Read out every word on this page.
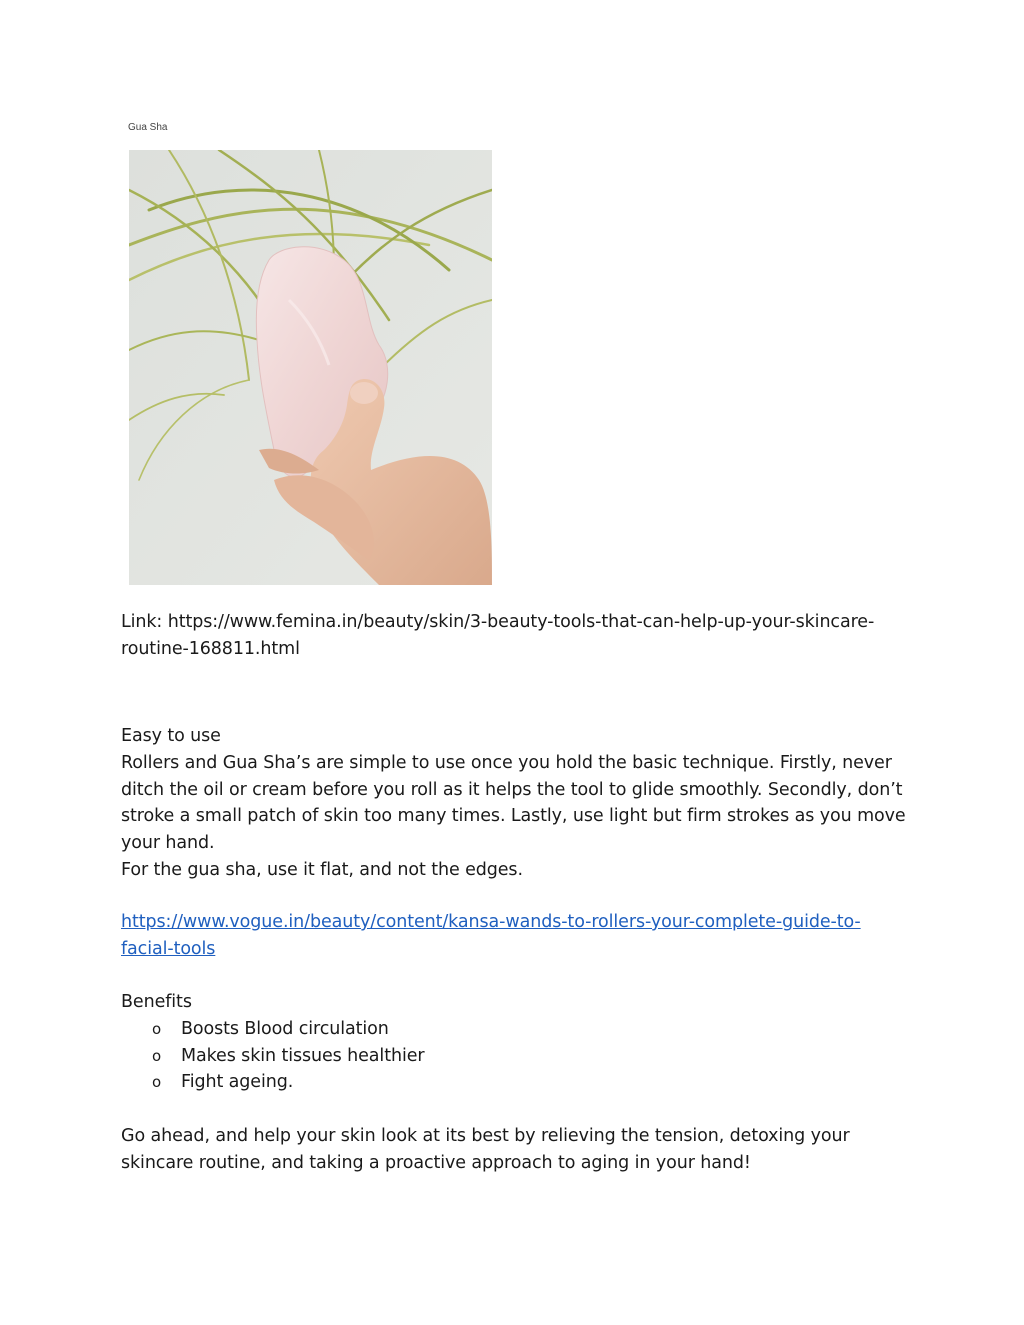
Gua Sha

Link: https://www.femina.in/beauty/skin/3-beauty-tools-that-can-help-up-your-skincare-routine-168811.html

Easy to use

Rollers and Gua Sha’s are simple to use once you hold the basic technique. Firstly, never ditch the oil or cream before you roll as it helps the tool to glide smoothly. Secondly, don’t stroke a small patch of skin too many times. Lastly, use light but firm strokes as you move your hand.

For the gua sha, use it flat, and not the edges.

https://www.vogue.in/beauty/content/kansa-wands-to-rollers-your-complete-guide-to-facial-tools

Benefits

o Boosts Blood circulation
o Makes skin tissues healthier
o Fight ageing.

Go ahead, and help your skin look at its best by relieving the tension, detoxing your skincare routine, and taking a proactive approach to aging in your hand!
